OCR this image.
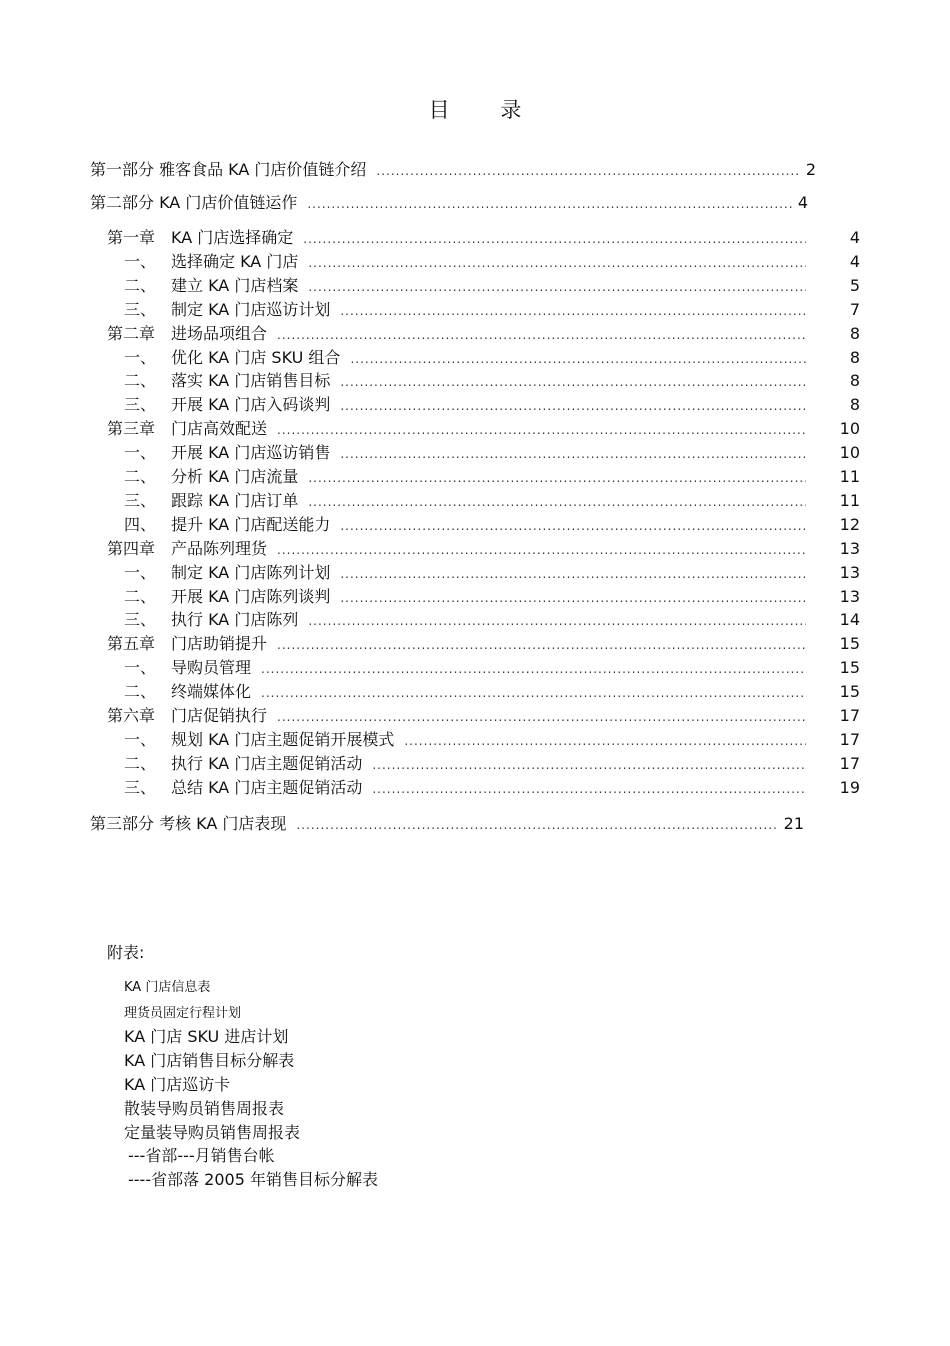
目 录
第一部分 雅客食品 KA 门店价值链介绍 .....	2
第二部分 KA 门店价值链运作 .....	4
第一章 KA 门店选择确定 .....	4
一、 选择确定 KA 门店 .....	4
二、 建立 KA 门店档案 .....	5
三、 制定 KA 门店巡访计划 .....	7
第二章 进场品项组合 .....	8
一、 优化 KA 门店 SKU 组合 .....	8
二、 落实 KA 门店销售目标 .....	8
三、 开展 KA 门店入码谈判 .....	8
第三章 门店高效配送 .....	10
一、 开展 KA 门店巡访销售 .....	10
二、 分析 KA 门店流量 .....	11
三、 跟踪 KA 门店订单 .....	11
四、 提升 KA 门店配送能力 .....	12
第四章 产品陈列理货 .....	13
一、 制定 KA 门店陈列计划 .....	13
二、 开展 KA 门店陈列谈判 .....	13
三、 执行 KA 门店陈列 .....	14
第五章 门店助销提升 .....	15
一、 导购员管理 .....	15
二、 终端媒体化 .....	15
第六章 门店促销执行 .....	17
一、 规划 KA 门店主题促销开展模式 .....	17
二、 执行 KA 门店主题促销活动 .....	17
三、 总结 KA 门店主题促销活动 .....	19
第三部分 考核 KA 门店表现 .....	21
附表:
KA 门店信息表
理货员固定行程计划
KA 门店 SKU 进店计划
KA 门店销售目标分解表
KA 门店巡访卡
散装导购员销售周报表
定量装导购员销售周报表
---省部---月销售台帐
----省部落 2005 年销售目标分解表
